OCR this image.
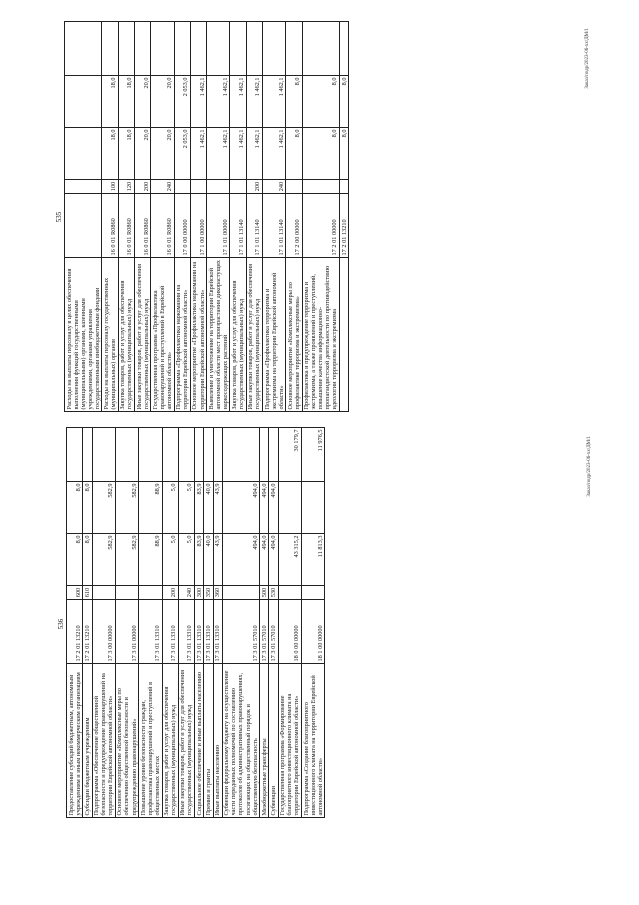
535
Расходы на выплаты персоналу в целях обеспечения выполнения функций государственными (муниципальными) органами, казенными учреждениями, органами управления государственными внебюджетными фондами					
Расходы на выплаты персоналу государственных (муниципальных) органов	16 0 01 R0860	100	18,0	18,0	
Закупка товаров, работ и услуг для обеспечения государственных (муниципальных) нужд	16 0 01 R0860	120	18,0	18,0	
Иные закупки товаров, работ и услуг для обеспечения государственных (муниципальных) нужд	16 0 01 R0860	200	20,0	20,0	
Государственная программа «Профилактика правонарушений и преступлений в Еврейской автономной области»	16 0 01 R0860	240	20,0	20,0	
Подпрограмма «Профилактика наркомании на территории Еврейской автономной области»	17 0 00 00000		2 053,0	2 053,0	
Основное мероприятие «Профилактика наркомании на территории Еврейской автономной области»	17 1 00 00000		1 462,1	1 462,1	
Выявление и уничтожение на территории Еврейской автономной области мест произрастания дикорастущих наркосодержащих растений	17 1 01 00000		1 462,1	1 462,1	
Закупка товаров, работ и услуг для обеспечения государственных (муниципальных) нужд	17 1 01 13140		1 462,1	1 462,1	
Иные закупки товаров, работ и услуг для обеспечения государственных (муниципальных) нужд	17 1 01 13140	200	1 462,1	1 462,1	
Подпрограмма «Профилактика терроризма и экстремизма на территории Еврейской автономной области»	17 1 01 13140	240	1 462,1	1 462,1	
Основное мероприятие «Комплексные меры по профилактике терроризма и экстремизма»	17 2 00 00000		8,0	8,0	
Профилактика и предупреждение терроризма и экстремизма, а также проявлений и преступлений, повышение качества информационно-пропагандистской деятельности по противодействию идеологии терроризма и экстремизма	17 2 01 00000		8,0	8,0	
	17 2 01 13210		8,0	8,0		Заказ/подр/2023-06-хх/ДМ/1
536
Предоставление субсидий бюджетным, автономным учреждениям и иным некоммерческим организациям	17 2 01 13210	600	8,0	8,0	
Субсидии бюджетным учреждениям	17 2 01 13210	610	8,0	8,0	
Подпрограмма «Обеспечение общественной безопасности и предупреждение правонарушений на территории Еврейской автономной области»	17 3 00 00000		582,9	582,9	
Основное мероприятие «Комплексные меры по обеспечению общественной безопасности и предупреждению правонарушений»	17 3 01 00000		582,9	582,9	
Повышение уровня безопасности граждан, профилактика правонарушений и преступлений в общественных местах	17 3 01 13310		88,9	88,9	
Закупка товаров, работ и услуг для обеспечения государственных (муниципальных) нужд	17 3 01 13310	200	5,0	5,0	
Иные закупки товаров, работ и услуг для обеспечения государственных (муниципальных) нужд	17 3 01 13310	240	5,0	5,0	
Социальное обеспечение и иные выплаты населению	17 3 01 13310	300	83,9	83,9	
Премии и гранты	17 3 01 13310	350	40,0	40,0	
Иные выплаты населению	17 3 01 13310	360	43,9	43,9	
Субвенции федеральному бюджету на осуществление части переданных полномочий по составлению протоколов об административных правонарушениях, посягающих на общественный порядок и общественную безопасность	17 3 01 57010		494,0	494,0	
Межбюджетные трансферты	17 3 01 57010	500	494,0	494,0	
Субвенции	17 3 01 57010	530	494,0	494,0	
Государственная программа «Формирование благоприятного инвестиционного климата на территории Еврейской автономной области»	18 0 00 00000		43 315,2		30 179,7
Подпрограмма «Создание благоприятного инвестиционного климата на территории Еврейской автономной области»	18 1 00 00000		11 813,3		11 976,5	Заказ/подр/2023-06-хх/ДМ/1
